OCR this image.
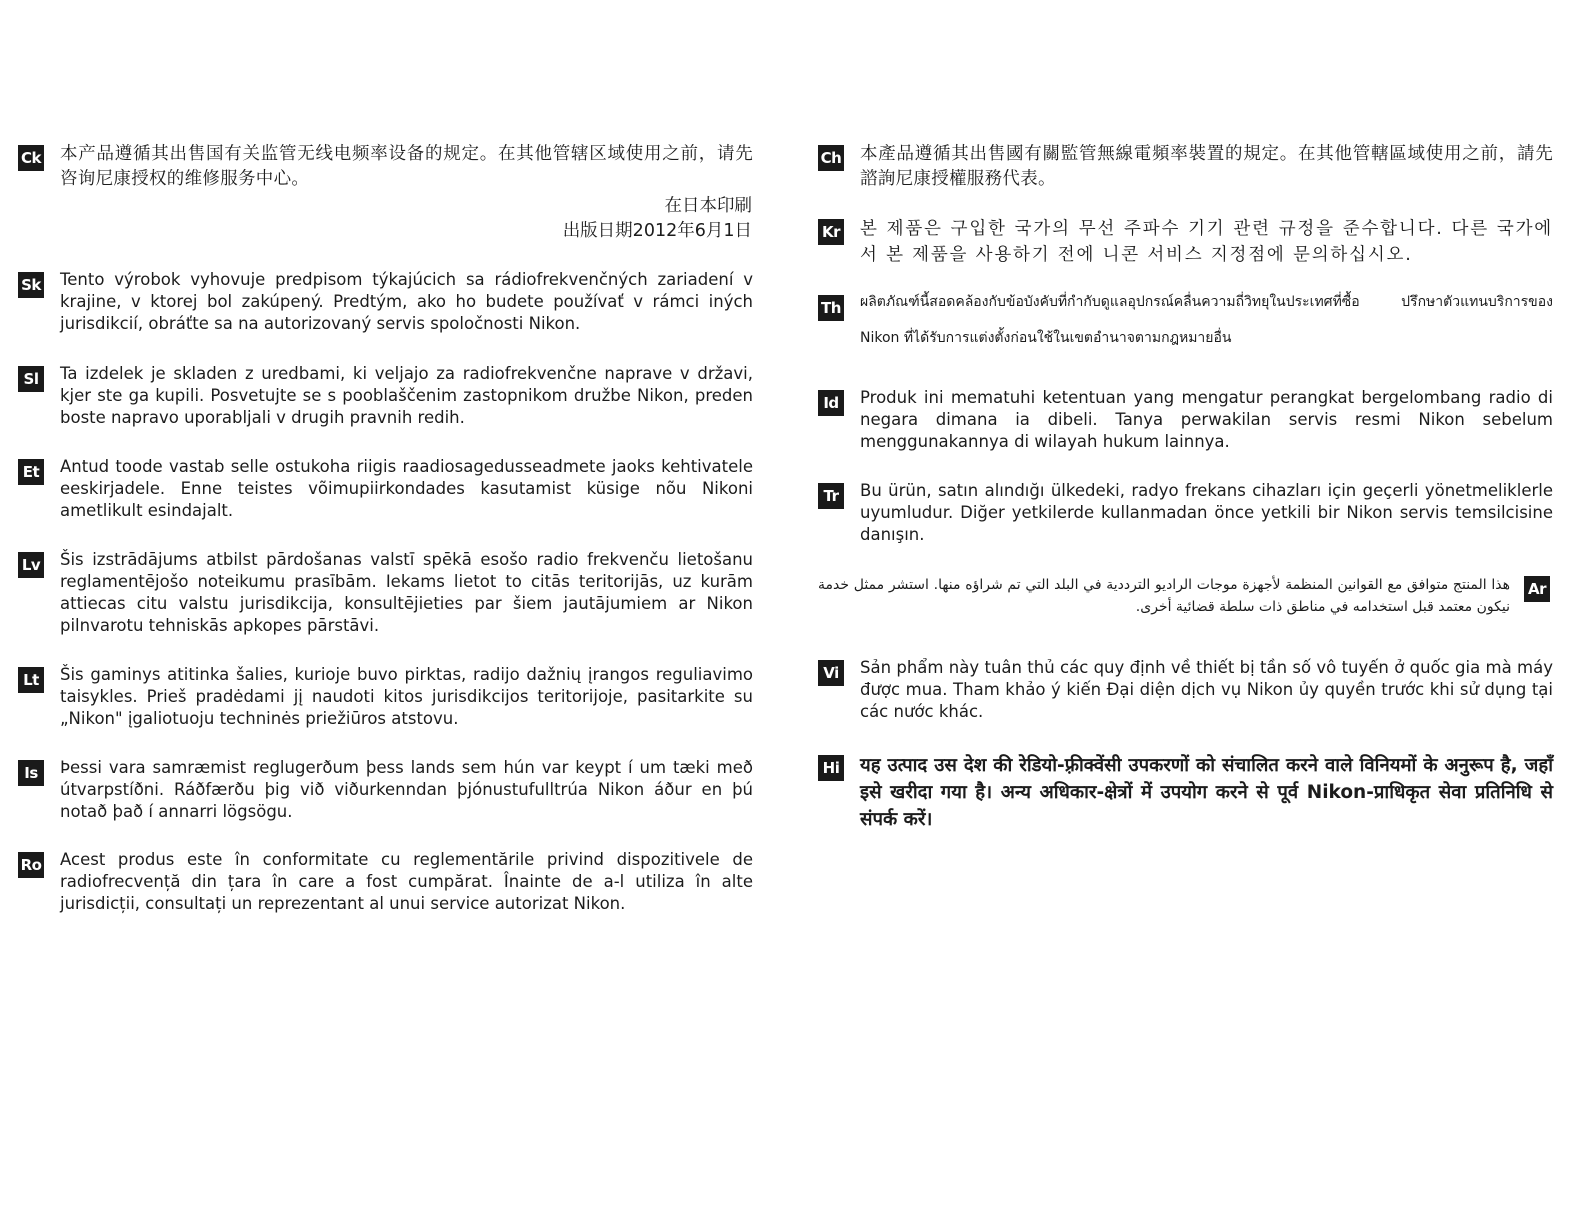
Ck 本产品遵循其出售国有关监管无线电频率设备的规定。在其他管辖区域使用之前，请先咨询尼康授权的维修服务中心。
在日本印刷
出版日期2012年6月1日
Sk Tento výrobok vyhovuje predpisom týkajúcich sa rádiofrekvenčných zariadení v krajine, v ktorej bol zakúpený. Predtým, ako ho budete používať v rámci iných jurisdikcií, obráťte sa na autorizovaný servis spoločnosti Nikon.
Sl	Ta izdelek je skladen z uredbami, ki veljajo za radiofrekvenčne naprave v državi, kjer ste ga kupili. Posvetujte se s pooblaščenim zastopnikom družbe Nikon, preden boste napravo uporabljali v drugih pravnih redih.
Et Antud toode vastab selle ostukoha riigis raadiosagedusseadmete jaoks kehtivatele eeskirjadele. Enne teistes võimupiirkondades kasutamist küsige nõu Nikoni ametlikult esindajalt.
Lv Šis izstrādājums atbilst pārdošanas valstī spēkā esošo radio frekvenču lietošanu reglamentējošo noteikumu prasībām. Iekams lietot to citās teritorijās, uz kurām attiecas citu valstu jurisdikcija, konsultējieties par šiem jautājumiem ar Nikon pilnvarotu tehniskās apkopes pārstāvi.
Lt	Šis gaminys atitinka šalies, kurioje buvo pirktas, radijo dažnių įrangos reguliavimo taisykles. Prieš pradėdami jį naudoti kitos jurisdikcijos teritorijoje, pasitarkite su „Nikon" įgaliotuoju techninės priežiūros atstovu.
Is	Þessi vara samræmist reglugerðum þess lands sem hún var keypt í um tæki með útvarpstíðni. Ráðfærðu þig við viðurkenndan þjónustufulltrúa Nikon áður en þú notað það í annarri lögsögu.
Ro Acest produs este în conformitate cu reglementările privind dispozitivele de radiofrecvență din țara în care a fost cumpărat. Înainte de a-l utiliza în alte jurisdicții, consultați un reprezentant al unui service autorizat Nikon.
Ch 本產品遵循其出售國有關監管無線電頻率裝置的規定。在其他管轄區域使用之前，請先諮詢尼康授權服務代表。
Kr 본 제품은 구입한 국가의 무선 주파수 기기 관련 규정을 준수합니다. 다른 국가에서 본 제품을 사용하기 전에 니콘 서비스 지정점에 문의하십시오.
Th ผลิตภัณฑ์นี้สอดคล้องกับข้อบังคับที่กำกับดูแลอุปกรณ์คลื่นความถี่วิทยุในประเทศที่ซื้อ ปรึกษาตัวแทนบริการของ Nikon ที่ได้รับการแต่งตั้งก่อนใช้ในเขตอำนาจตามกฎหมายอื่น
Id	Produk ini mematuhi ketentuan yang mengatur perangkat bergelombang radio di negara dimana ia dibeli. Tanya perwakilan servis resmi Nikon sebelum menggunakannya di wilayah hukum lainnya.
Tr	Bu ürün, satın alındığı ülkedeki, radyo frekans cihazları için geçerli yönetmeliklerle uyumludur. Diğer yetkilerde kullanmadan önce yetkili bir Nikon servis temsilcisine danışın.
هذا المنتج متوافق مع القوانين المنظمة لأجهزة موجات الراديو الترددية في البلد التي تم شراؤه منها. استشر ممثل خدمة نيكون معتمد قبل استخدامه في مناطق ذات سلطة قضائية أخرى.
Ar
Vi	Sản phẩm này tuân thủ các quy định về thiết bị tần số vô tuyến ở quốc gia mà máy được mua. Tham khảo ý kiến Đại diện dịch vụ Nikon ủy quyền trước khi sử dụng tại các nước khác.
Hi यह उत्पाद उस देश की रेडियो-फ़्रीक्वेंसी उपकरणों को संचालित करने वाले विनियमों के अनुरूप है, जहाँ इसे खरीदा गया है। अन्य अधिकार-क्षेत्रों में उपयोग करने से पूर्व Nikon-प्राधिकृत सेवा प्रतिनिधि से संपर्क करें।
